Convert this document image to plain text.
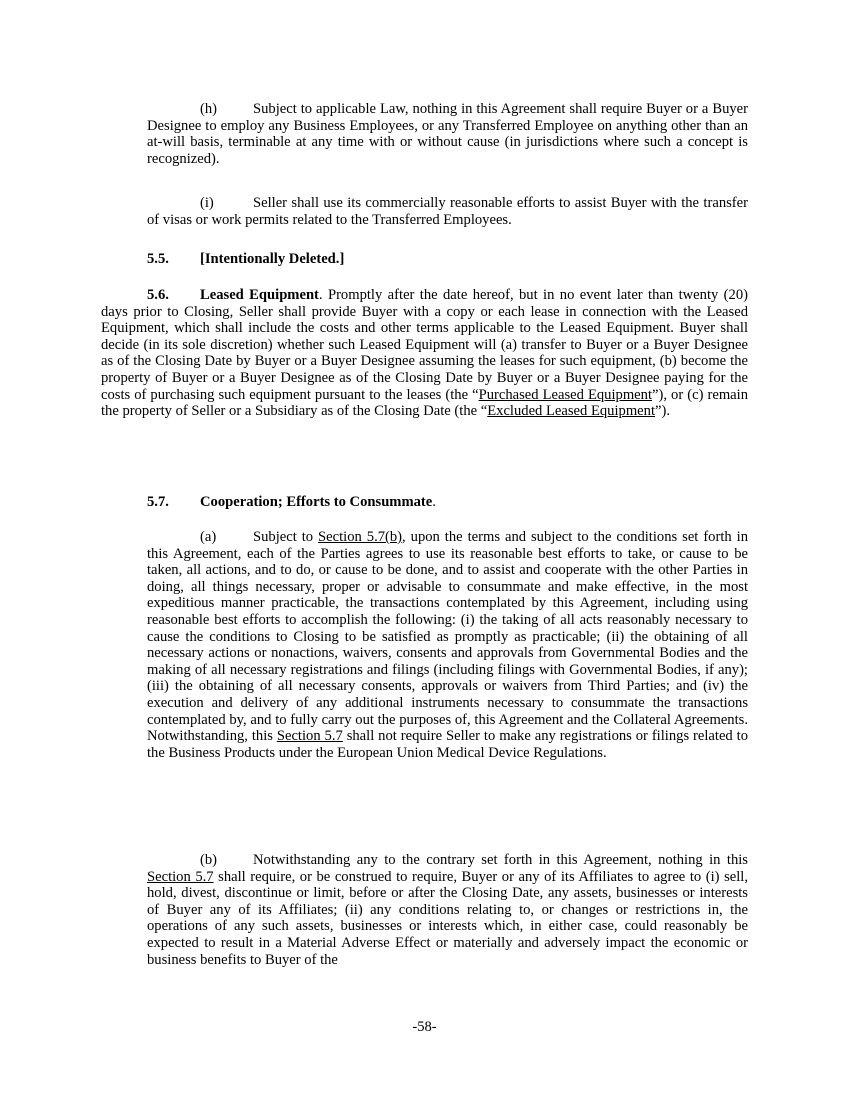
(h) Subject to applicable Law, nothing in this Agreement shall require Buyer or a Buyer Designee to employ any Business Employees, or any Transferred Employee on anything other than an at-will basis, terminable at any time with or without cause (in jurisdictions where such a concept is recognized).

(i)	Seller shall use its commercially reasonable efforts to assist Buyer with the transfer of visas or work permits related to the Transferred Employees.

5.5. [Intentionally Deleted.]

5.6. Leased Equipment. Promptly after the date hereof, but in no event later than twenty (20) days prior to Closing, Seller shall provide Buyer with a copy or each lease in connection with the Leased Equipment, which shall include the costs and other terms applicable to the Leased Equipment. Buyer shall decide (in its sole discretion) whether such Leased Equipment will (a) transfer to Buyer or a Buyer Designee as of the Closing Date by Buyer or a Buyer Designee assuming the leases for such equipment, (b) become the property of Buyer or a Buyer Designee as of the Closing Date by Buyer or a Buyer Designee paying for the costs of purchasing such equipment pursuant to the leases (the “Purchased Leased Equipment”), or (c) remain the property of Seller or a Subsidiary as of the Closing Date (the “Excluded Leased Equipment”).

5.7. Cooperation; Efforts to Consummate.

(a)	Subject to Section 5.7(b), upon the terms and subject to the conditions set forth in this Agreement, each of the Parties agrees to use its reasonable best efforts to take, or cause to be taken, all actions, and to do, or cause to be done, and to assist and cooperate with the other Parties in doing, all things necessary, proper or advisable to consummate and make effective, in the most expeditious manner practicable, the transactions contemplated by this Agreement, including using reasonable best efforts to accomplish the following: (i) the taking of all acts reasonably necessary to cause the conditions to Closing to be satisfied as promptly as practicable; (ii) the obtaining of all necessary actions or nonactions, waivers, consents and approvals from Governmental Bodies and the making of all necessary registrations and filings (including filings with Governmental Bodies, if any); (iii) the obtaining of all necessary consents, approvals or waivers from Third Parties; and (iv) the execution and delivery of any additional instruments necessary to consummate the transactions contemplated by, and to fully carry out the purposes of, this Agreement and the Collateral Agreements. Notwithstanding, this Section 5.7 shall not require Seller to make any registrations or filings related to the Business Products under the European Union Medical Device Regulations.

(b) Notwithstanding any to the contrary set forth in this Agreement, nothing in this Section 5.7 shall require, or be construed to require, Buyer or any of its Affiliates to agree to (i) sell, hold, divest, discontinue or limit, before or after the Closing Date, any assets, businesses or interests of Buyer any of its Affiliates; (ii) any conditions relating to, or changes or restrictions in, the operations of any such assets, businesses or interests which, in either case, could reasonably be expected to result in a Material Adverse Effect or materially and adversely impact the economic or business benefits to Buyer of the

-58-
